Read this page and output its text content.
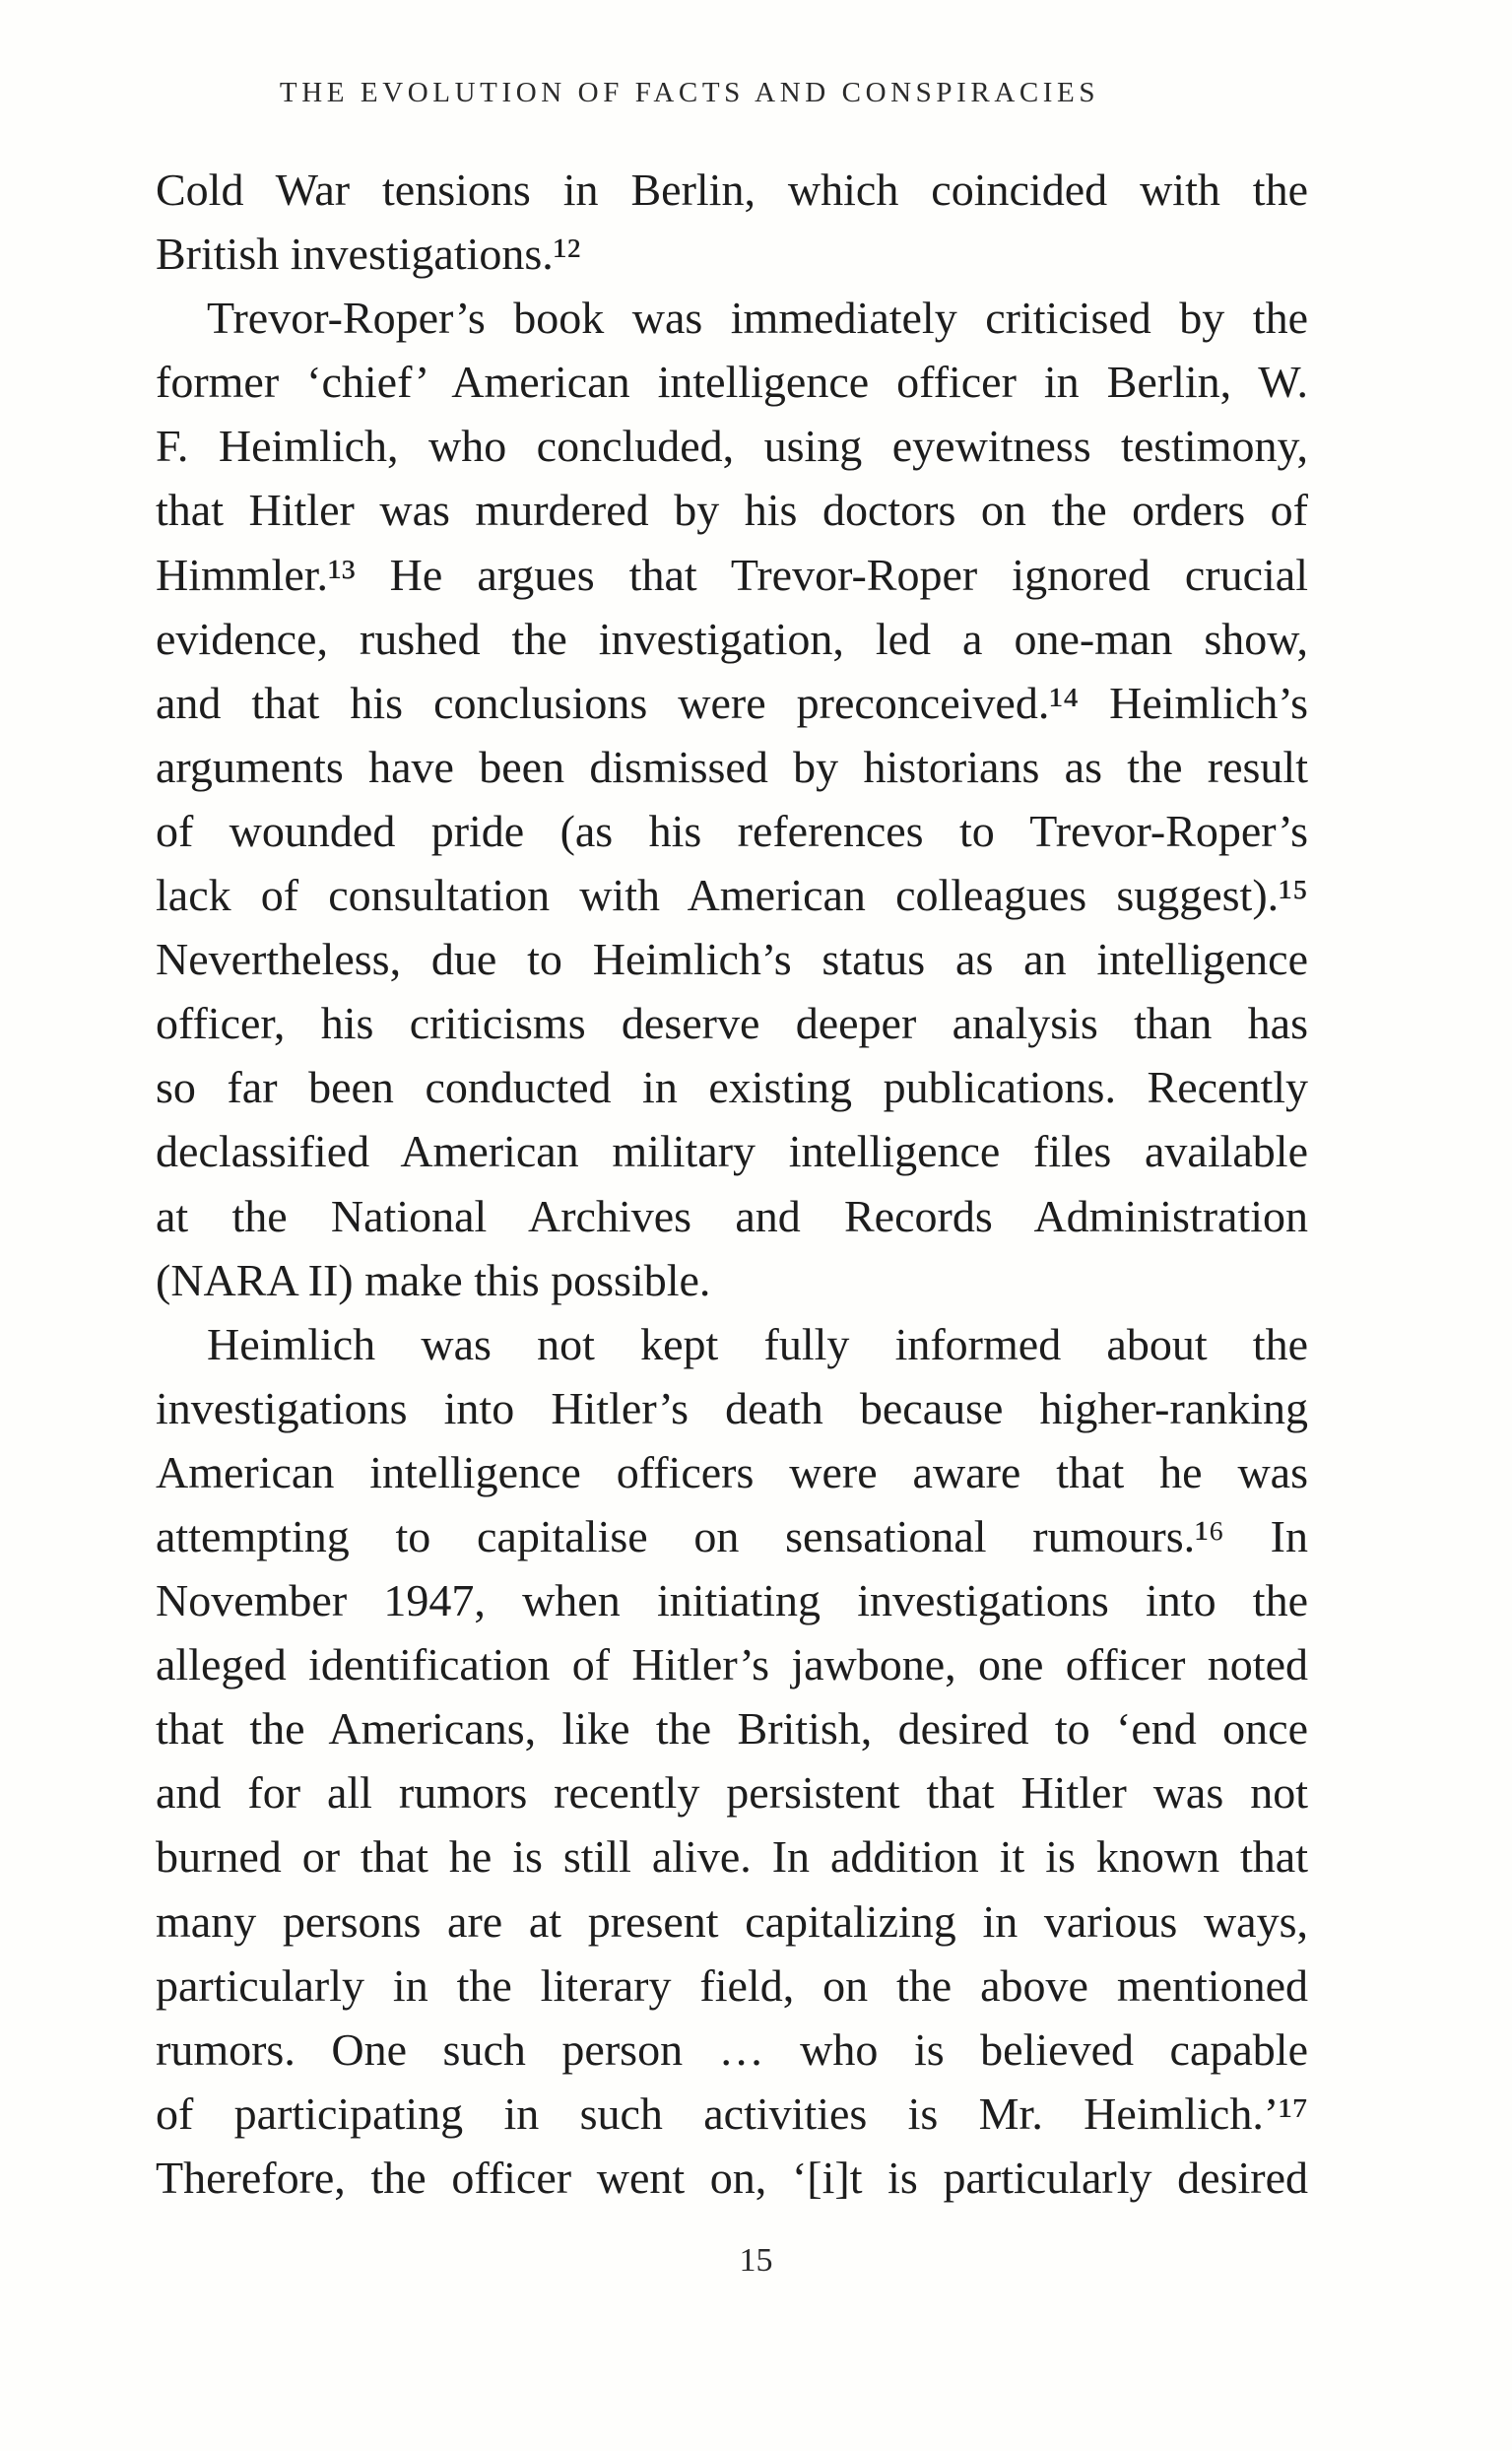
THE EVOLUTION OF FACTS AND CONSPIRACIES
Cold War tensions in Berlin, which coincided with the
British investigations.¹²
Trevor-Roper’s book was immediately criticised by the
former ‘chief’ American intelligence officer in Berlin, W.
F. Heimlich, who concluded, using eyewitness testimony,
that Hitler was murdered by his doctors on the orders of
Himmler.¹³ He argues that Trevor-Roper ignored crucial
evidence, rushed the investigation, led a one-man show,
and that his conclusions were preconceived.¹⁴ Heimlich’s
arguments have been dismissed by historians as the result
of wounded pride (as his references to Trevor-Roper’s
lack of consultation with American colleagues suggest).¹⁵
Nevertheless, due to Heimlich’s status as an intelligence
officer, his criticisms deserve deeper analysis than has
so far been conducted in existing publications. Recently
declassified American military intelligence files available
at the National Archives and Records Administration
(NARA II) make this possible.
Heimlich was not kept fully informed about the
investigations into Hitler’s death because higher-ranking
American intelligence officers were aware that he was
attempting to capitalise on sensational rumours.¹⁶ In
November 1947, when initiating investigations into the
alleged identification of Hitler’s jawbone, one officer noted
that the Americans, like the British, desired to ‘end once
and for all rumors recently persistent that Hitler was not
burned or that he is still alive. In addition it is known that
many persons are at present capitalizing in various ways,
particularly in the literary field, on the above mentioned
rumors. One such person … who is believed capable
of participating in such activities is Mr. Heimlich.’¹⁷
Therefore, the officer went on, ‘[i]t is particularly desired
15
